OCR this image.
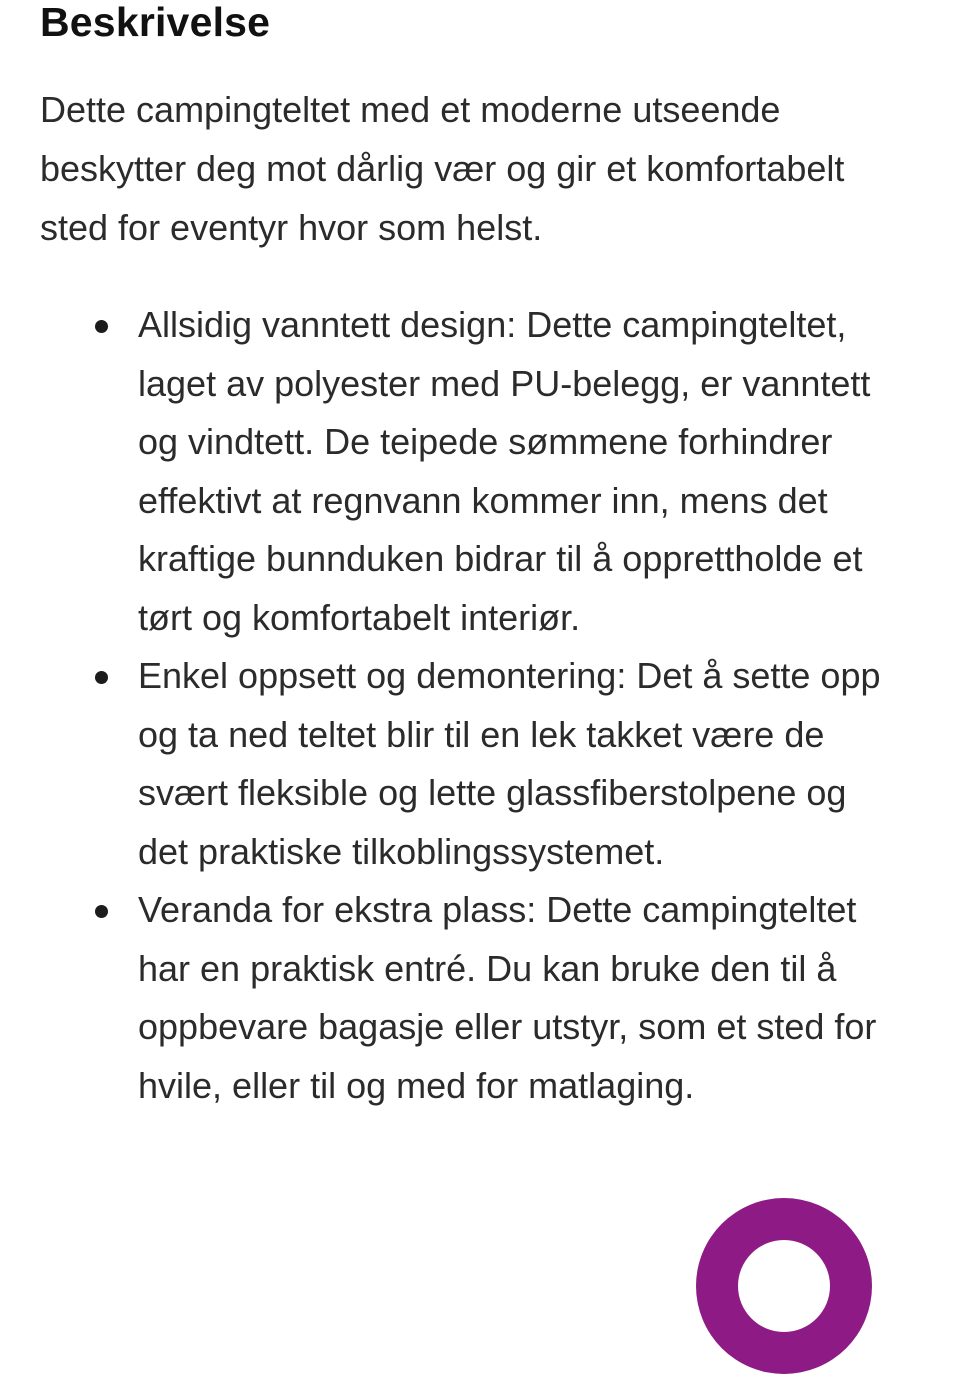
Beskrivelse

Dette campingteltet med et moderne utseende beskytter deg mot dårlig vær og gir et komfortabelt sted for eventyr hvor som helst.

Allsidig vanntett design: Dette campingteltet, laget av polyester med PU-belegg, er vanntett og vindtett. De teipede sømmene forhindrer effektivt at regnvann kommer inn, mens det kraftige bunnduken bidrar til å opprettholde et tørt og komfortabelt interiør.
Enkel oppsett og demontering: Det å sette opp og ta ned teltet blir til en lek takket være de svært fleksible og lette glassfiberstolpene og det praktiske tilkoblingssystemet.
Veranda for ekstra plass: Dette campingteltet har en praktisk entré. Du kan bruke den til å oppbevare bagasje eller utstyr, som et sted for hvile, eller til og med for matlaging.
